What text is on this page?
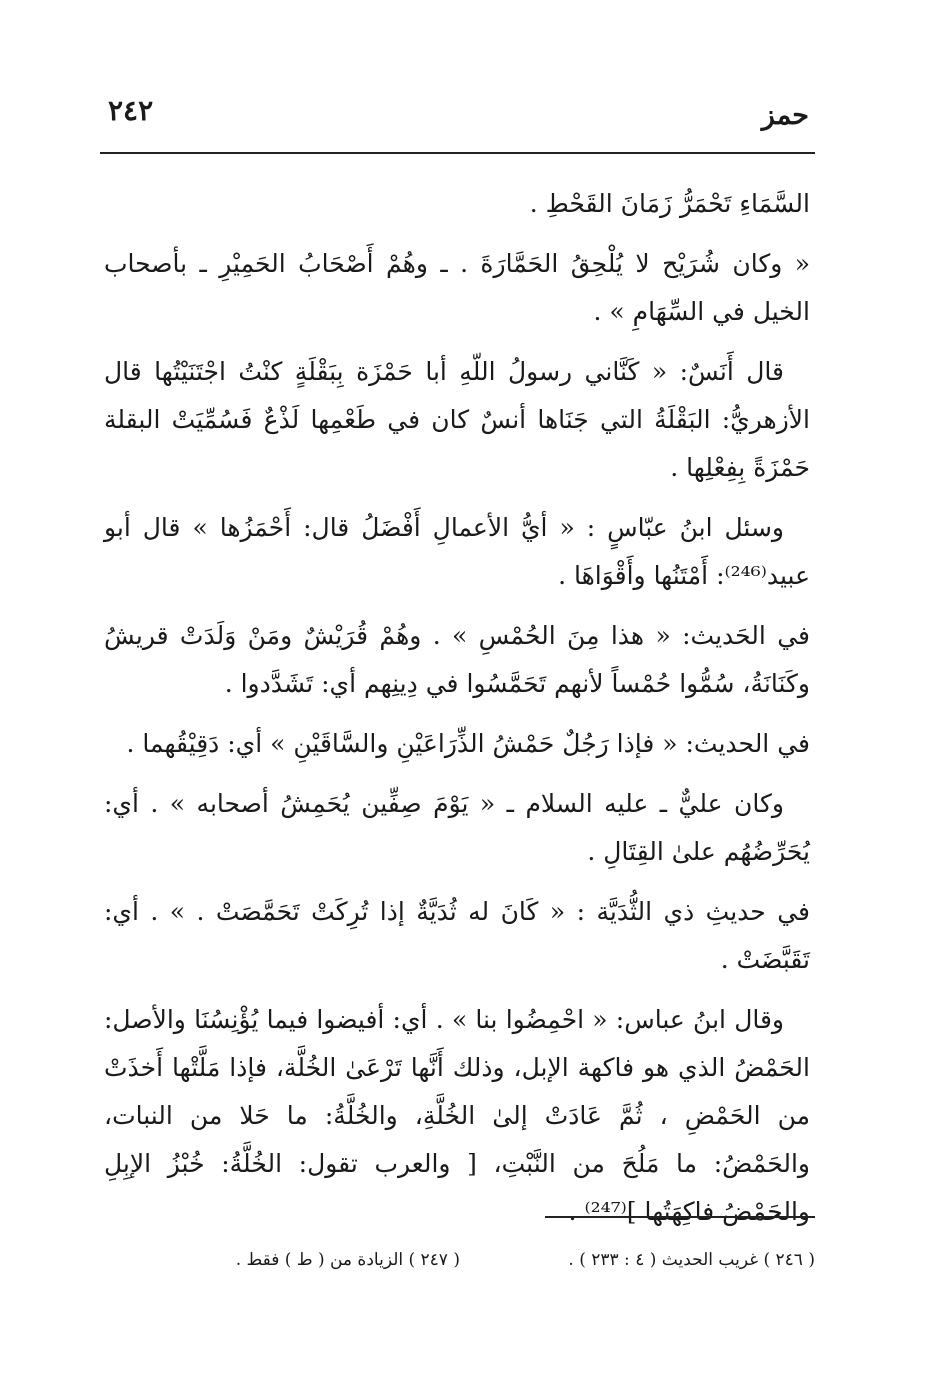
٢٤٢	حمز

السَّمَاءِ تَحْمَرُّ زَمَانَ القَحْطِ .

« وكان شُرَيْح لا يُلْحِقُ الحَمَّارَةَ . ـ وهُمْ أَصْحَابُ الحَمِيْرِ ـ بأصحاب الخيل في السِّهَامِ » .

قال أَنَسٌ: « كَنَّاني رسولُ اللّهِ أبا حَمْزَة بِبَقْلَةٍ كنْتُ اجْتَنَيْتُها قال الأزهريُّ: البَقْلَةُ التي جَنَاها أنسٌ كان في طَعْمِها لَذْعٌ فَسُمِّيَتْ البقلة حَمْزَةً بِفِعْلِها .

وسئل ابنُ عبّاسٍ : « أيُّ الأعمالِ أَفْضَلُ قال: أَحْمَزُها » قال أبو عبيد⁽²⁴⁶⁾: أَمْتَنُها وأَقْوَاهَا .

في الحَديث: « هذا مِنَ الحُمْسِ » . وهُمْ قُرَيْشٌ ومَنْ وَلَدَتْ قريشُ وكَنَانَةُ، سُمُّوا حُمْساً لأنهم تَحَمَّسُوا في دِينِهم أي: تَشَدَّدوا .

في الحديث: « فإذا رَجُلٌ حَمْشُ الذِّرَاعَيْنِ والسَّاقَيْنِ » أي: دَقِيْقُهما .

وكان عليٌّ ـ عليه السلام ـ « يَوْمَ صِفِّين يُحَمِشُ أصحابه » . أي: يُحَرِّضُهُم علىٰ القِتَالِ .

في حديثِ ذي الثُّدَيَّة : « كَانَ له ثُدَيَّةٌ إذا تُرِكَتْ تَحَمَّصَتْ . » . أي: تَقَبَّضَتْ .

وقال ابنُ عباس: « احْمِضُوا بنا » . أي: أفيضوا فيما يُؤْنِسُنَا والأصل: الحَمْضُ الذي هو فاكهة الإبل، وذلك أَنَّها تَرْعَىٰ الخُلَّة، فإذا مَلَّتْها أَخذَتْ من الحَمْضِ ، ثُمَّ عَادَتْ إلىٰ الخُلَّةِ، والخُلَّةُ: ما حَلا من النبات، والحَمْضُ: ما مَلُحَ من النَّبْتِ، [ والعرب تقول: الخُلَّةُ: خُبْزُ الإبِلِ والحَمْضُ فاكِهَتُها ]⁽²⁴⁷⁾ .

( ٢٤٦ ) غريب الحديث ( ٤ : ٢٣٣ ) .
( ٢٤٧ ) الزيادة من ( ط ) فقط .
